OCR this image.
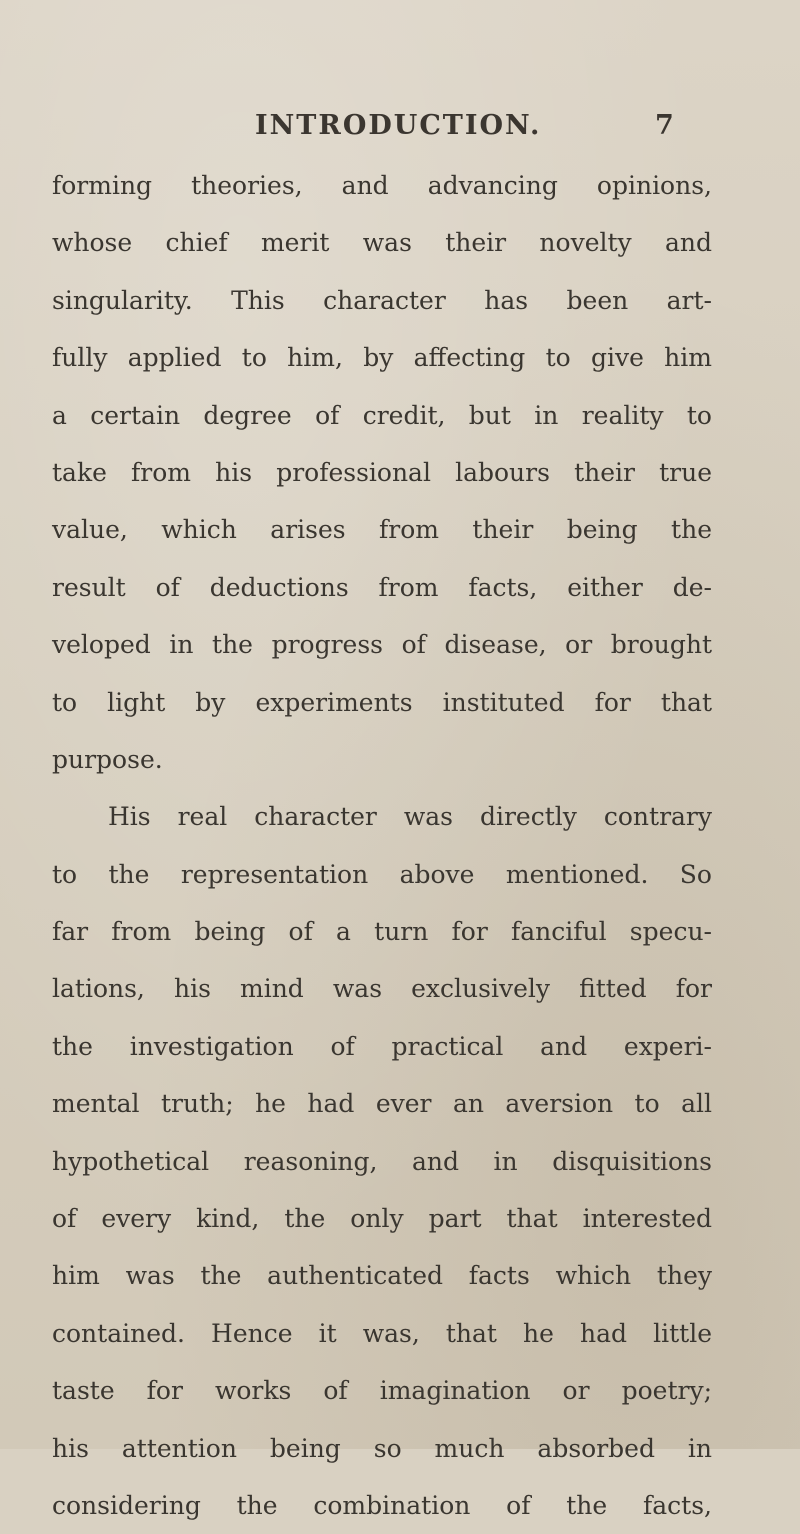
INTRODUCTION.	7
forming theories, and advancing opinions,
whose chief merit was their novelty and
singularity. This character has been art-
fully applied to him, by affecting to give him
a certain degree of credit, but in reality to
take from his professional labours their true
value, which arises from their being the
result of deductions from facts, either de-
veloped in the progress of disease, or brought
to light by experiments instituted for that
purpose.
His real character was directly contrary
to the representation above mentioned. So
far from being of a turn for fanciful specu-
lations, his mind was exclusively fitted for
the investigation of practical and experi-
mental truth; he had ever an aversion to all
hypothetical reasoning, and in disquisitions
of every kind, the only part that interested
him was the authenticated facts which they
contained. Hence it was, that he had little
taste for works of imagination or poetry;
his attention being so much absorbed in
considering the combination of the facts,
